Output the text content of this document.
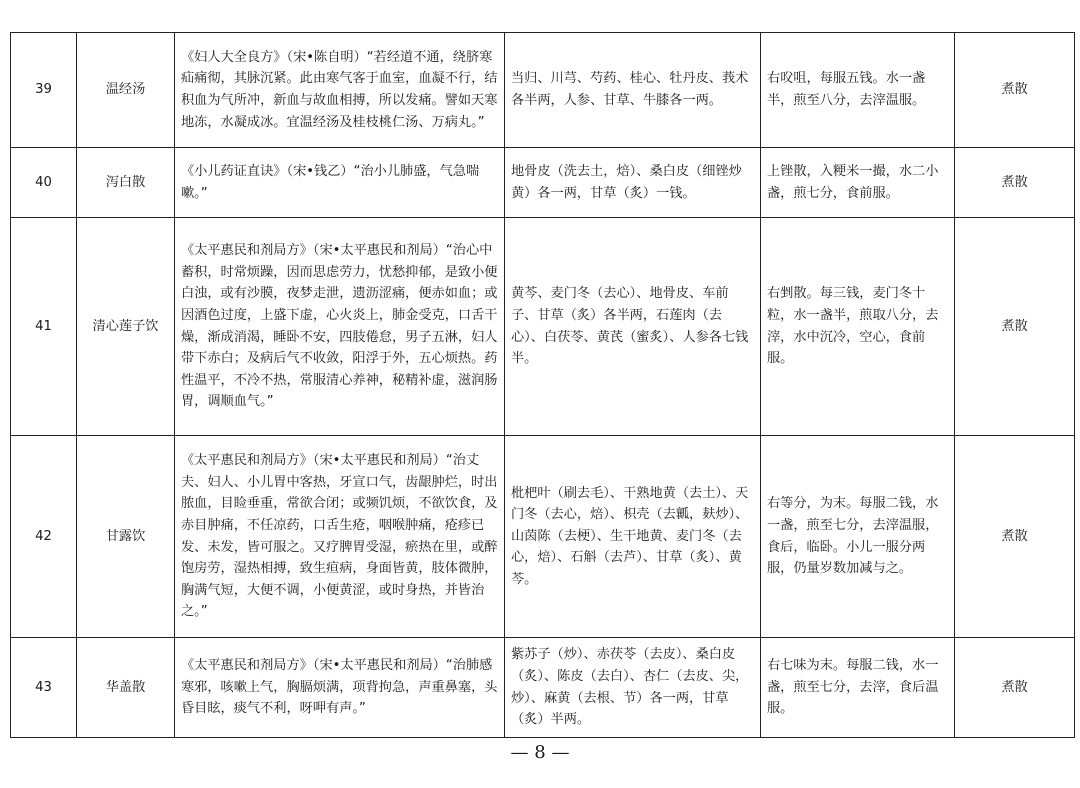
39	温经汤	《妇人大全良方》（宋•陈自明）“若经道不通，绕脐寒疝痛彻，其脉沉紧。此由寒气客于血室，血凝不行，结积血为气所冲，新血与故血相搏，所以发痛。譬如天寒地冻，水凝成冰。宜温经汤及桂枝桃仁汤、万病丸。”	当归、川芎、芍药、桂心、牡丹皮、莪术各半两，人参、甘草、牛膝各一两。	右㕮咀，每服五钱。水一盏半，煎至八分，去滓温服。	煮散
40	泻白散	《小儿药证直诀》（宋•钱乙）“治小儿肺盛，气急喘嗽。”	地骨皮（洗去土，焙）、桑白皮（细锉炒黄）各一两，甘草（炙）一钱。	上锉散，入粳米一撮，水二小盏，煎七分，食前服。	煮散
41	清心莲子饮	《太平惠民和剂局方》（宋•太平惠民和剂局）“治心中蓄积，时常烦躁，因而思虑劳力，忧愁抑郁，是致小便白浊，或有沙膜，夜梦走泄，遗沥涩痛，便赤如血；或因酒色过度，上盛下虚，心火炎上，肺金受克，口舌干燥，渐成消渴，睡卧不安，四肢倦怠，男子五淋，妇人带下赤白；及病后气不收敛，阳浮于外，五心烦热。药性温平，不冷不热，常服清心养神，秘精补虚，滋润肠胃，调顺血气。”	黄芩、麦门冬（去心）、地骨皮、车前子、甘草（炙）各半两，石莲肉（去心）、白茯苓、黄芪（蜜炙）、人参各七钱半。	右剉散。每三钱，麦门冬十粒，水一盏半，煎取八分，去滓，水中沉冷，空心，食前服。	煮散
42	甘露饮	《太平惠民和剂局方》（宋•太平惠民和剂局）“治丈夫、妇人、小儿胃中客热，牙宣口气，齿龈肿烂，时出脓血，目睑垂重，常欲合闭；或频饥烦，不欲饮食，及赤目肿痛，不任凉药，口舌生疮，咽喉肿痛，疮疹已发、未发，皆可服之。又疗脾胃受湿，瘀热在里，或醉饱房劳，湿热相搏，致生疸病，身面皆黄，肢体微肿，胸满气短，大便不调，小便黄涩，或时身热，并皆治之。”	枇杷叶（刷去毛）、干熟地黄（去土）、天门冬（去心，焙）、枳壳（去瓤，麸炒）、山茵陈（去梗）、生干地黄、麦门冬（去心，焙）、石斛（去芦）、甘草（炙）、黄芩。	右等分，为末。每服二钱，水一盏，煎至七分，去滓温服，食后，临卧。小儿一服分两服，仍量岁数加减与之。	煮散
43	华盖散	《太平惠民和剂局方》（宋•太平惠民和剂局）“治肺感寒邪，咳嗽上气，胸膈烦满，项背拘急，声重鼻塞，头昏目眩，痰气不利，呀呷有声。”	紫苏子（炒）、赤茯苓（去皮）、桑白皮（炙）、陈皮（去白）、杏仁（去皮、尖，炒）、麻黄（去根、节）各一两，甘草（炙）半两。	右七味为末。每服二钱，水一盏，煎至七分，去滓，食后温服。	煮散
— 8 —
